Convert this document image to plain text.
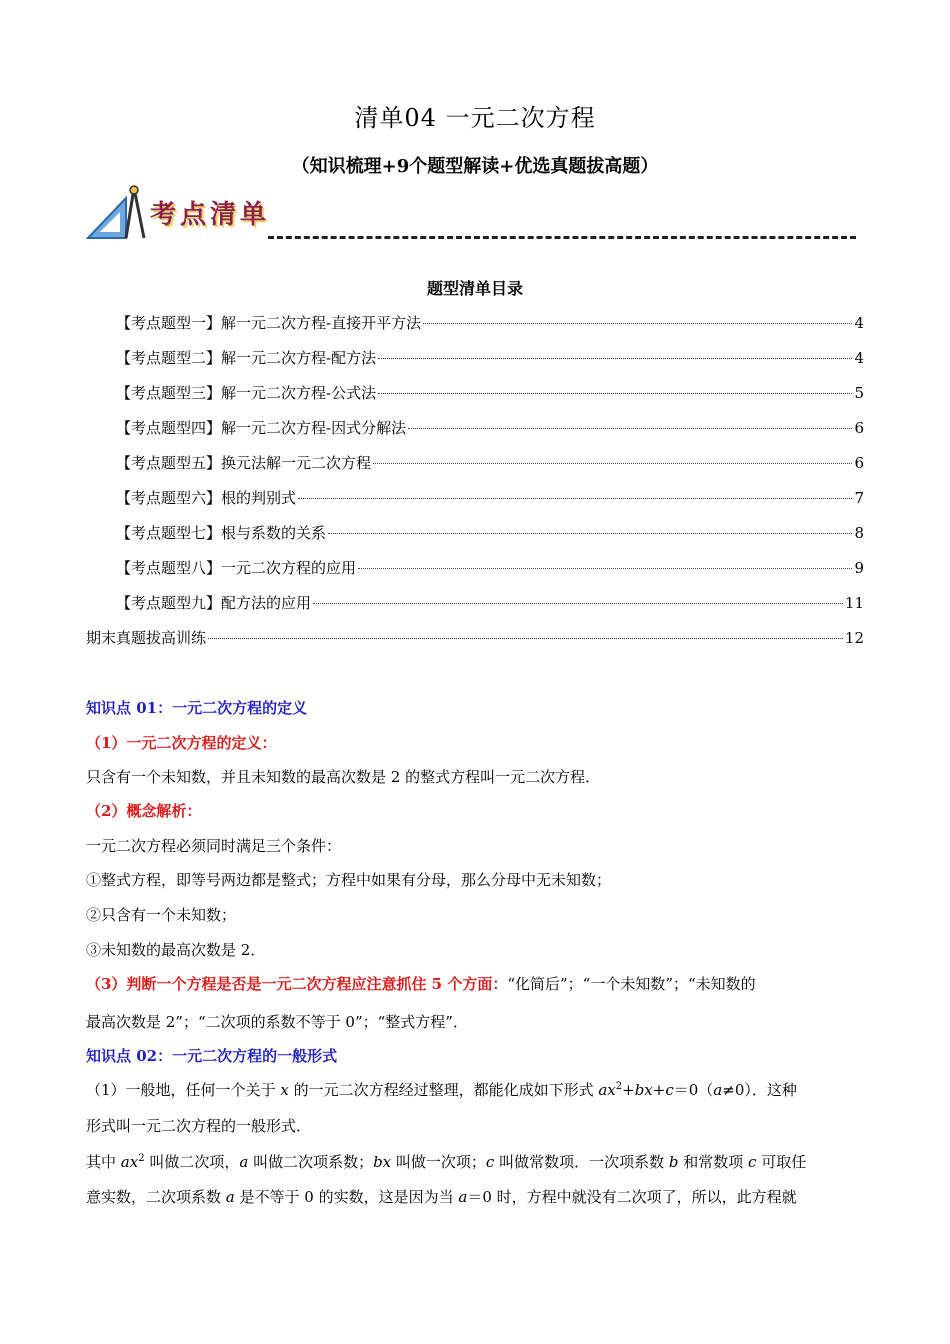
清单04 一元二次方程
（知识梳理+9个题型解读+优选真题拔高题）
考点清单
题型清单目录
【考点题型一】解一元二次方程-直接开平方法	4
【考点题型二】解一元二次方程-配方法	4
【考点题型三】解一元二次方程-公式法	5
【考点题型四】解一元二次方程-因式分解法	6
【考点题型五】换元法解一元二次方程	6
【考点题型六】根的判别式	7
【考点题型七】根与系数的关系	8
【考点题型八】一元二次方程的应用	9
【考点题型九】配方法的应用	11
期末真题拔高训练	12
知识点 01：一元二次方程的定义
（1）一元二次方程的定义：
只含有一个未知数，并且未知数的最高次数是 2 的整式方程叫一元二次方程．
（2）概念解析：
一元二次方程必须同时满足三个条件：
①整式方程，即等号两边都是整式；方程中如果有分母，那么分母中无未知数；
②只含有一个未知数；
③未知数的最高次数是 2．
（3）判断一个方程是否是一元二次方程应注意抓住 5 个方面：“化简后”；“一个未知数”；“未知数的
最高次数是 2”；“二次项的系数不等于 0”；“整式方程”．
知识点 02：一元二次方程的一般形式
（1）一般地，任何一个关于 x 的一元二次方程经过整理，都能化成如下形式 $ax^2+bx+c=0(a\ne 0)$．这种
形式叫一元二次方程的一般形式．
其中 $ax^2$ 叫做二次项，a 叫做二次项系数；bx 叫做一次项；c 叫做常数项．一次项系数 b 和常数项 c 可取任
意实数，二次项系数 a 是不等于 0 的实数，这是因为当 a＝0 时，方程中就没有二次项了，所以，此方程就
